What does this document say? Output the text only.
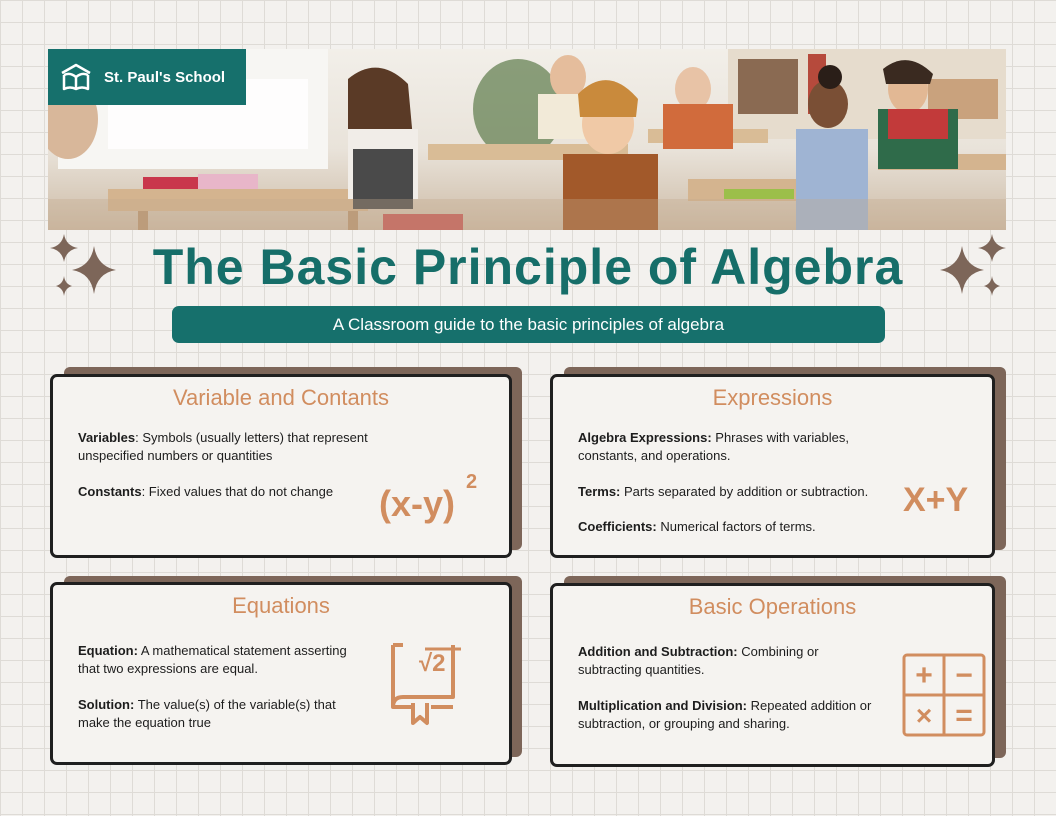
St. Paul's School
The Basic Principle of Algebra
A Classroom guide to the basic principles of algebra
Variable and Contants
Variables: Symbols (usually letters) that represent unspecified numbers or quantities
Constants: Fixed values that do not change	(x-y)
2
Expressions
Algebra Expressions: Phrases with variables, constants, and operations.
Terms: Parts separated by addition or subtraction.
Coefficients: Numerical factors of terms.
X+Y
Equations
Equation: A mathematical statement asserting that two expressions are equal.
Solution: The value(s) of the variable(s) that make the equation true
√2
Basic Operations
Addition and Subtraction: Combining or subtracting quantities.
Multiplication and Division: Repeated addition or subtraction, or grouping and sharing.
+ −
× =
